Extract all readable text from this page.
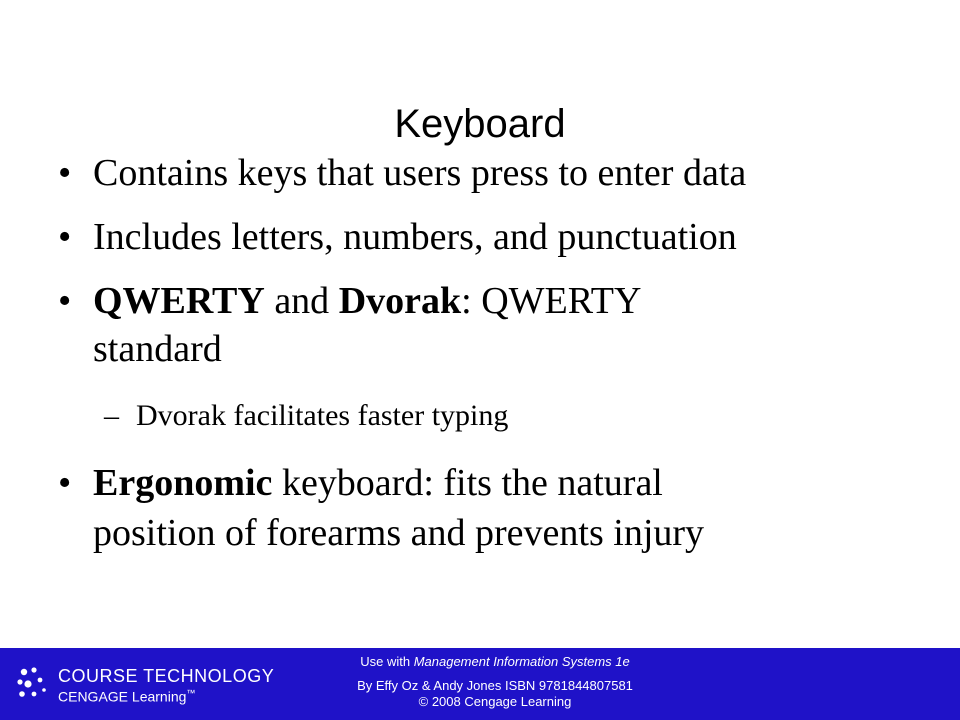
Keyboard
• Contains keys that users press to enter data
• Includes letters, numbers, and punctuation
• QWERTY and Dvorak: QWERTY
standard
– Dvorak facilitates faster typing
• Ergonomic keyboard: fits the natural
position of forearms and prevents injury
COURSE TECHNOLOGY
CENGAGE Learning™
Use with Management Information Systems 1e
By Effy Oz & Andy Jones ISBN 9781844807581
© 2008 Cengage Learning
